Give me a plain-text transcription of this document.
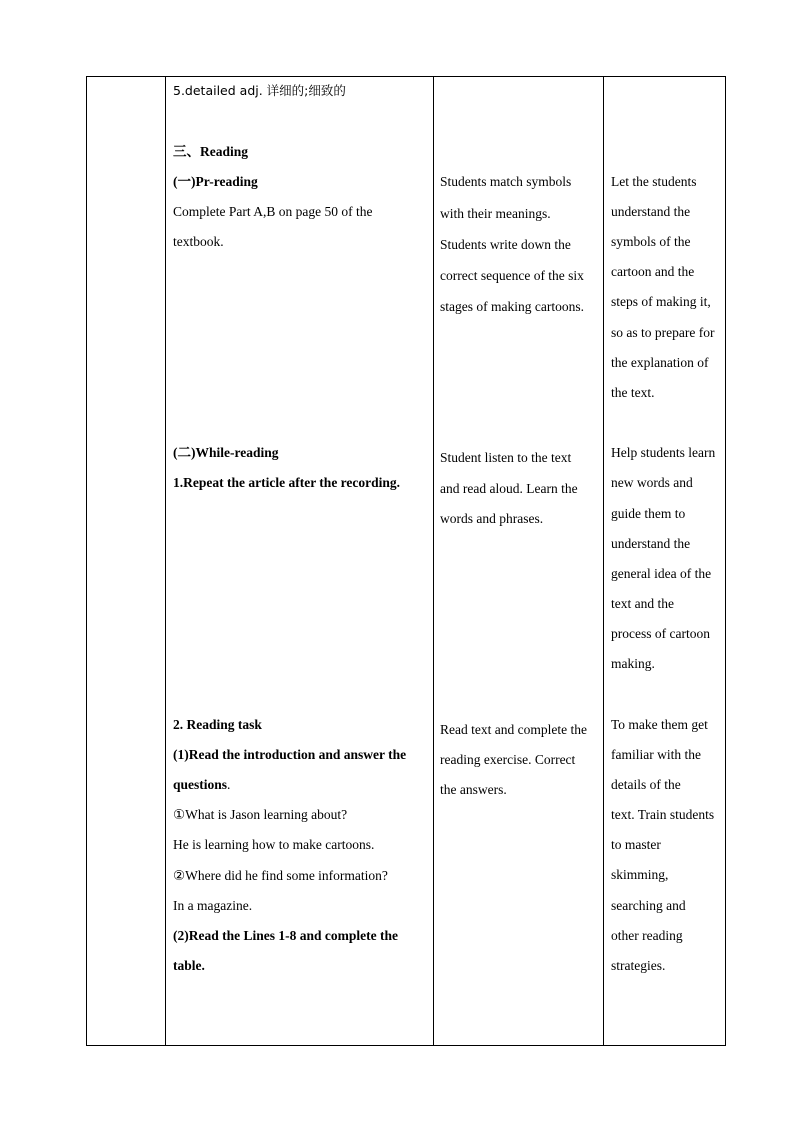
5.detailed adj. 详细的;细致的
三、Reading
(一)Pr-reading
Complete Part A,B on page 50 of the
textbook.
(二)While-reading
1.Repeat the article after the recording.
2. Reading task
(1)Read the introduction and answer the
questions.
①What is Jason learning about?
He is learning how to make cartoons.
②Where did he find some information?
In a magazine.
(2)Read the Lines 1-8 and complete the
table.
Students match symbols
with their meanings.
Students write down the
correct sequence of the six
stages of making cartoons.
Student listen to the text
and read aloud. Learn the
words and phrases.
Read text and complete the
reading exercise. Correct
the answers.
Let the students
understand the
symbols of the
cartoon and the
steps of making it,
so as to prepare for
the explanation of
the text.
Help students learn
new words and
guide them to
understand the
general idea of the
text and the
process of cartoon
making.
To make them get
familiar with the
details of the
text. Train students
to master
skimming,
searching and
other reading
strategies.
